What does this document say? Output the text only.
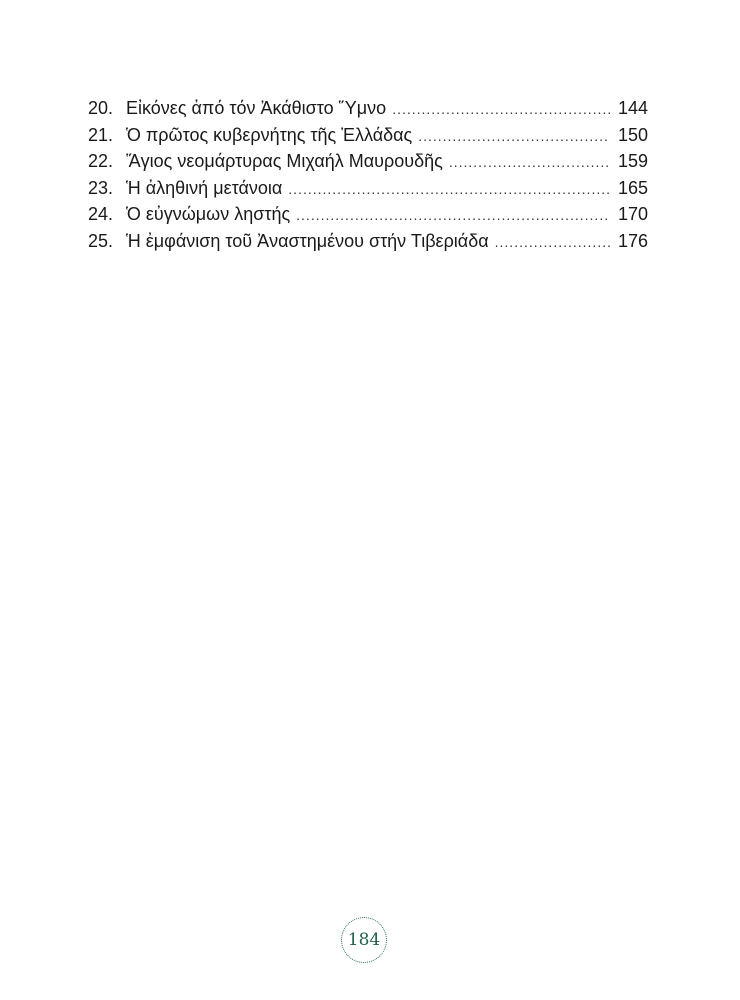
20. Εἰκόνες ἀπό τόν Ἀκάθιστο Ὕμνο .....	144
21. Ὁ πρῶτος κυβερνήτης τῆς Ἑλλάδας .....	150
22. Ἅγιος νεομάρτυρας Μιχαήλ Μαυρουδῆς .....	159
23. Ἡ ἀληθινή μετάνοια .....	165
24. Ὁ εὐγνώμων ληστής .....	170
25. Ἡ ἐμφάνιση τοῦ Ἀναστημένου στήν Τιβεριάδα .....	176
184
